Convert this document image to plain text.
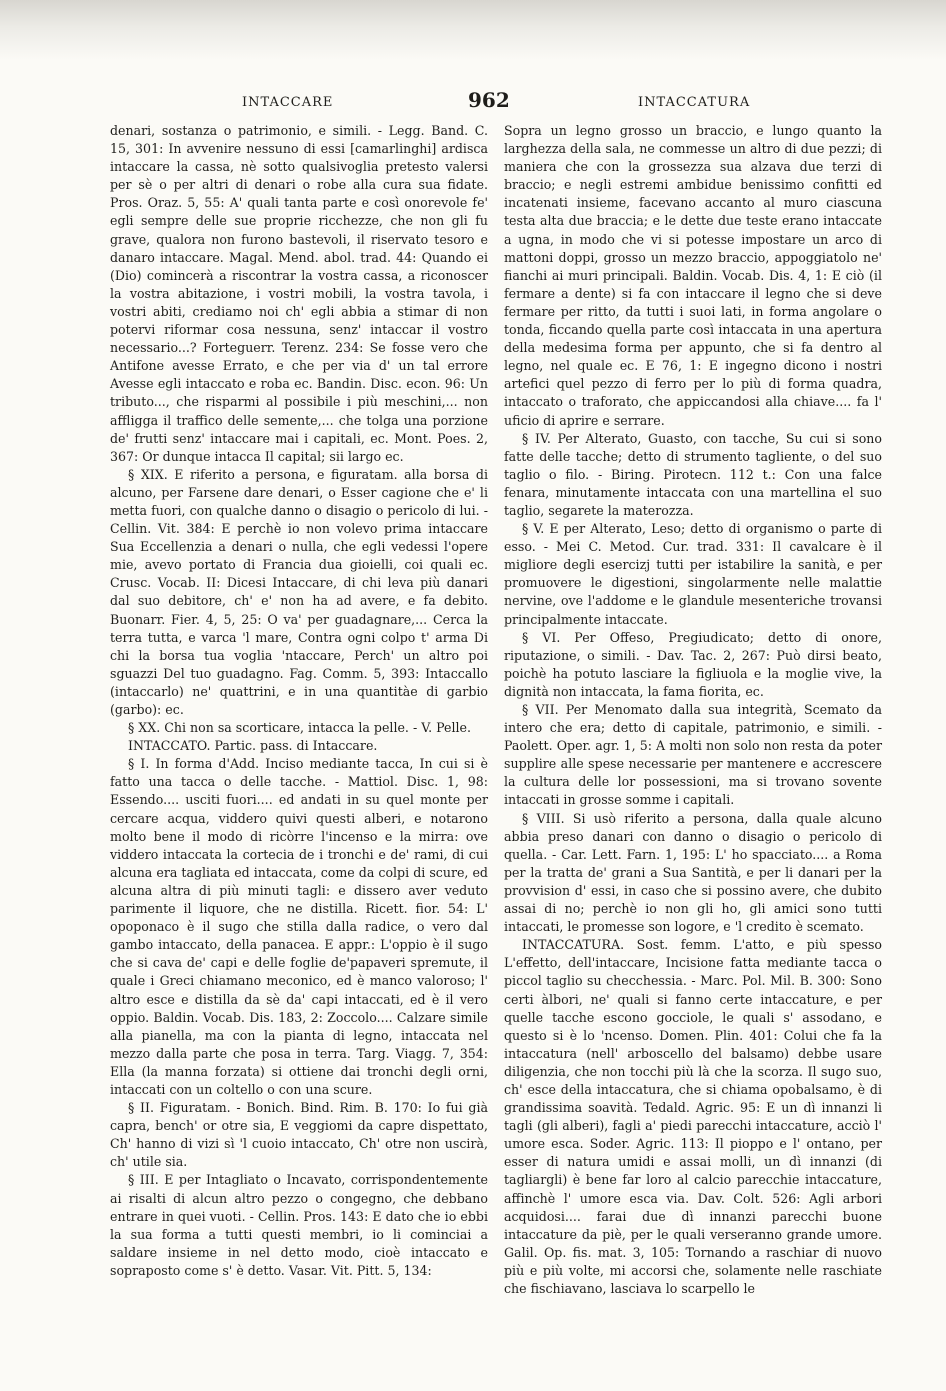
INTACCARE	962	INTACCATURA

denari, sostanza o patrimonio, e simili. - Legg. Band. C. 15, 301: In avvenire nessuno di essi [camarlinghi] ardisca intaccare la cassa, nè sotto qualsivoglia pretesto valersi per sè o per altri di denari o robe alla cura sua fidate. Pros. Oraz. 5, 55: A' quali tanta parte e così onorevole fe' egli sempre delle sue proprie ricchezze, che non gli fu grave, qualora non furono bastevoli, il riservato tesoro e danaro intaccare. Magal. Mend. abol. trad. 44: Quando ei (Dio) comincerà a riscontrar la vostra cassa, a riconoscer la vostra abitazione, i vostri mobili, la vostra tavola, i vostri abiti, crediamo noi ch' egli abbia a stimar di non potervi riformar cosa nessuna, senz' intaccar il vostro necessario...? Forteguerr. Terenz. 234: Se fosse vero che Antifone avesse Errato, e che per via d' un tal errore Avesse egli intaccato e roba ec. Bandin. Disc. econ. 96: Un tributo..., che risparmi al possibile i più meschini,... non affligga il traffico delle semente,... che tolga una porzione de' frutti senz' intaccare mai i capitali, ec. Mont. Poes. 2, 367: Or dunque intacca Il capital; sii largo ec.

§ XIX. E riferito a persona, e figuratam. alla borsa di alcuno, per Farsene dare denari, o Esser cagione che e' li metta fuori, con qualche danno o disagio o pericolo di lui. - Cellin. Vit. 384: E perchè io non volevo prima intaccare Sua Eccellenzia a denari o nulla, che egli vedessi l'opere mie, avevo portato di Francia dua gioielli, coi quali ec. Crusc. Vocab. II: Dicesi Intaccare, di chi leva più danari dal suo debitore, ch' e' non ha ad avere, e fa debito. Buonarr. Fier. 4, 5, 25: O va' per guadagnare,... Cerca la terra tutta, e varca 'l mare, Contra ogni colpo t' arma Di chi la borsa tua voglia 'ntaccare, Perch' un altro poi sguazzi Del tuo guadagno. Fag. Comm. 5, 393: Intaccallo (intaccarlo) ne' quattrini, e in una quantitàe di garbio (garbo): ec.

§ XX. Chi non sa scorticare, intacca la pelle. - V. Pelle.

INTACCATO. Partic. pass. di Intaccare.

§ I. In forma d'Add. Inciso mediante tacca, In cui si è fatto una tacca o delle tacche. - Mattiol. Disc. 1, 98: Essendo.... usciti fuori.... ed andati in su quel monte per cercare acqua, viddero quivi questi alberi, e notarono molto bene il modo di ricòrre l'incenso e la mirra: ove viddero intaccata la cortecia de i tronchi e de' rami, di cui alcuna era tagliata ed intaccata, come da colpi di scure, ed alcuna altra di più minuti tagli: e dissero aver veduto parimente il liquore, che ne distilla. Ricett. fior. 54: L' opoponaco è il sugo che stilla dalla radice, o vero dal gambo intaccato, della panacea. E appr.: L'oppio è il sugo che si cava de' capi e delle foglie de'papaveri spremute, il quale i Greci chiamano meconico, ed è manco valoroso; l' altro esce e distilla da sè da' capi intaccati, ed è il vero oppio. Baldin. Vocab. Dis. 183, 2: Zoccolo.... Calzare simile alla pianella, ma con la pianta di legno, intaccata nel mezzo dalla parte che posa in terra. Targ. Viagg. 7, 354: Ella (la manna forzata) si ottiene dai tronchi degli orni, intaccati con un coltello o con una scure.

§ II. Figuratam. - Bonich. Bind. Rim. B. 170: Io fui già capra, bench' or otre sia, E veggiomi da capre dispettato, Ch' hanno di vizi sì 'l cuoio intaccato, Ch' otre non uscirà, ch' utile sia.

§ III. E per Intagliato o Incavato, corrispondentemente ai risalti di alcun altro pezzo o congegno, che debbano entrare in quei vuoti. - Cellin. Pros. 143: E dato che io ebbi la sua forma a tutti questi membri, io li cominciai a saldare insieme in nel detto modo, cioè intaccato e sopraposto come s' è detto. Vasar. Vit. Pitt. 5, 134:

Sopra un legno grosso un braccio, e lungo quanto la larghezza della sala, ne commesse un altro di due pezzi; di maniera che con la grossezza sua alzava due terzi di braccio; e negli estremi ambidue benissimo confitti ed incatenati insieme, facevano accanto al muro ciascuna testa alta due braccia; e le dette due teste erano intaccate a ugna, in modo che vi si potesse impostare un arco di mattoni doppi, grosso un mezzo braccio, appoggiatolo ne' fianchi ai muri principali. Baldin. Vocab. Dis. 4, 1: E ciò (il fermare a dente) si fa con intaccare il legno che si deve fermare per ritto, da tutti i suoi lati, in forma angolare o tonda, ficcando quella parte così intaccata in una apertura della medesima forma per appunto, che si fa dentro al legno, nel quale ec. E 76, 1: E ingegno dicono i nostri artefici quel pezzo di ferro per lo più di forma quadra, intaccato o traforato, che appiccandosi alla chiave.... fa l' uficio di aprire e serrare.

§ IV. Per Alterato, Guasto, con tacche, Su cui si sono fatte delle tacche; detto di strumento tagliente, o del suo taglio o filo. - Biring. Pirotecn. 112 t.: Con una falce fenara, minutamente intaccata con una martellina el suo taglio, segarete la materozza.

§ V. E per Alterato, Leso; detto di organismo o parte di esso. - Mei C. Metod. Cur. trad. 331: Il cavalcare è il migliore degli esercizj tutti per istabilire la sanità, e per promuovere le digestioni, singolarmente nelle malattie nervine, ove l'addome e le glandule mesenteriche trovansi principalmente intaccate.

§ VI. Per Offeso, Pregiudicato; detto di onore, riputazione, o simili. - Dav. Tac. 2, 267: Può dirsi beato, poichè ha potuto lasciare la figliuola e la moglie vive, la dignità non intaccata, la fama fiorita, ec.

§ VII. Per Menomato dalla sua integrità, Scemato da intero che era; detto di capitale, patrimonio, e simili. - Paolett. Oper. agr. 1, 5: A molti non solo non resta da poter supplire alle spese necessarie per mantenere e accrescere la cultura delle lor possessioni, ma si trovano sovente intaccati in grosse somme i capitali.

§ VIII. Si usò riferito a persona, dalla quale alcuno abbia preso danari con danno o disagio o pericolo di quella. - Car. Lett. Farn. 1, 195: L' ho spacciato.... a Roma per la tratta de' grani a Sua Santità, e per li danari per la provvision d' essi, in caso che si possino avere, che dubito assai di no; perchè io non gli ho, gli amici sono tutti intaccati, le promesse son logore, e 'l credito è scemato.

INTACCATURA. Sost. femm. L'atto, e più spesso L'effetto, dell'intaccare, Incisione fatta mediante tacca o piccol taglio su checchessia. - Marc. Pol. Mil. B. 300: Sono certi àlbori, ne' quali si fanno certe intaccature, e per quelle tacche escono gocciole, le quali s' assodano, e questo si è lo 'ncenso. Domen. Plin. 401: Colui che fa la intaccatura (nell' arboscello del balsamo) debbe usare diligenzia, che non tocchi più là che la scorza. Il sugo suo, ch' esce della intaccatura, che si chiama opobalsamo, è di grandissima soavità. Tedald. Agric. 95: E un dì innanzi li tagli (gli alberi), fagli a' piedi parecchi intaccature, acciò l' umore esca. Soder. Agric. 113: Il pioppo e l' ontano, per esser di natura umidi e assai molli, un dì innanzi (di tagliargli) è bene far loro al calcio parecchie intaccature, affinchè l' umore esca via. Dav. Colt. 526: Agli arbori acquidosi.... farai due dì innanzi parecchi buone intaccature da piè, per le quali verseranno grande umore. Galil. Op. fis. mat. 3, 105: Tornando a raschiar di nuovo più e più volte, mi accorsi che, solamente nelle raschiate che fischiavano, lasciava lo scarpello le
